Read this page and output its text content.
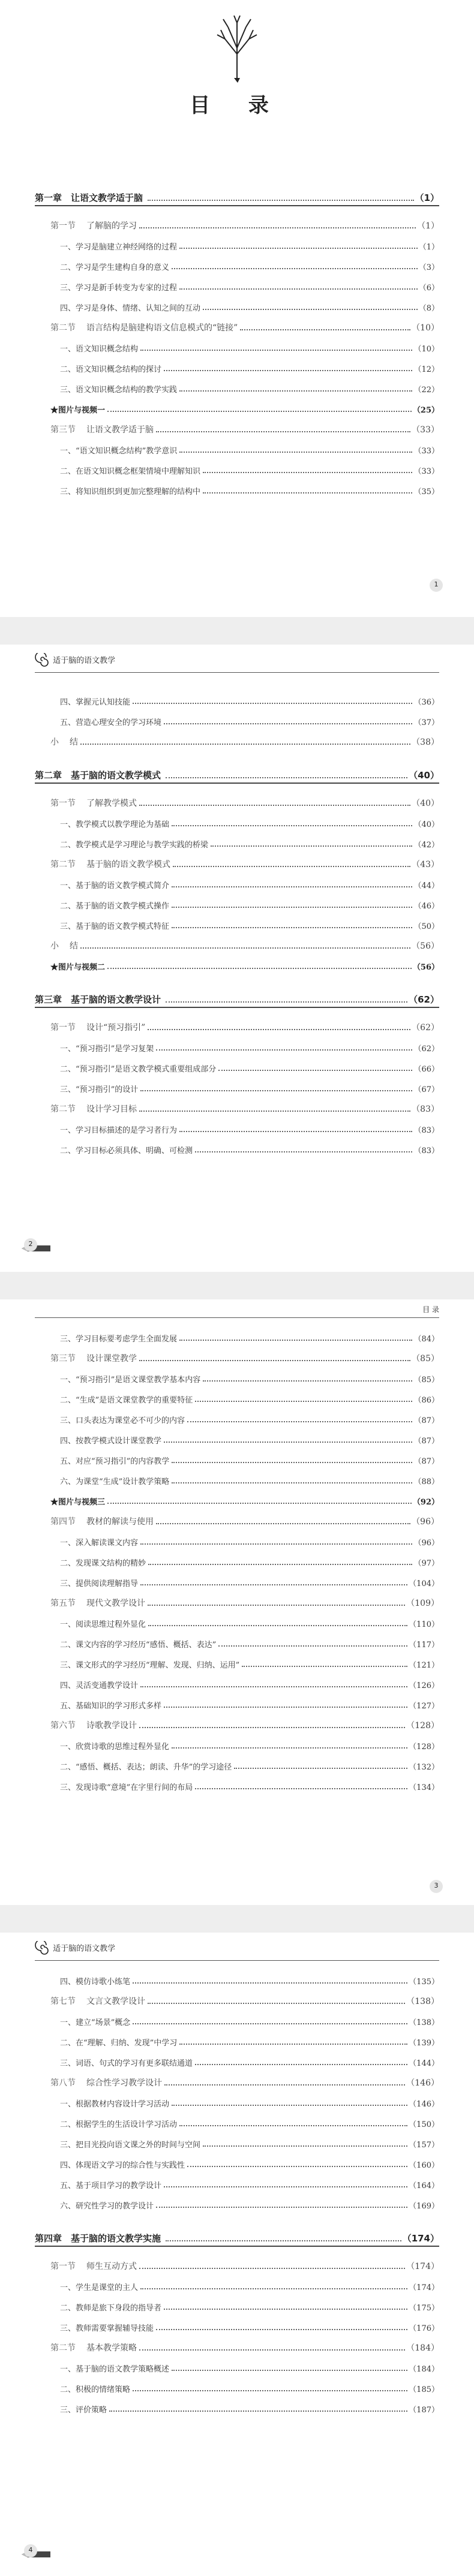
目 录
第一章　让语文教学适于脑	（1）
第一节 了解脑的学习	（1）
一、学习是脑建立神经网络的过程	（1）
二、学习是学生建构自身的意义	（3）
三、学习是新手转变为专家的过程	（6）
四、学习是身体、情绪、认知之间的互动	（8）
第二节 语言结构是脑建构语文信息模式的“链接”	（10）
一、语文知识概念结构	（10）
二、语文知识概念结构的探讨	（12）
三、语文知识概念结构的教学实践	（22）
★图片与视频一	（25）
第三节 让语文教学适于脑	（33）
一、“语文知识概念结构”教学意识	（33）
二、在语文知识概念框架情境中理解知识	（33）
三、将知识组织到更加完整理解的结构中	（35）
1
适于脑的语文教学
四、掌握元认知技能	（36）
五、营造心理安全的学习环境	（37）
小 结	（38）
第二章　基于脑的语文教学模式	（40）
第一节 了解教学模式	（40）
一、教学模式以教学理论为基础	（40）
二、教学模式是学习理论与教学实践的桥梁	（42）
第二节 基于脑的语文教学模式	（43）
一、基于脑的语文教学模式简介	（44）
二、基于脑的语文教学模式操作	（46）
三、基于脑的语文教学模式特征	（50）
小 结	（56）
★图片与视频二	（56）
第三章　基于脑的语文教学设计	（62）
第一节 设计“预习指引”	（62）
一、“预习指引”是学习复架	（62）
二、“预习指引”是语文教学模式重要组成部分	（66）
三、“预习指引”的设计	（67）
第二节 设计学习目标	（83）
一、学习目标描述的是学习者行为	（83）
二、学习目标必须具体、明确、可检测	（83）
2
目 录
三、学习目标要考虑学生全面发展	（84）
第三节 设计课堂教学	（85）
一、“预习指引”是语文课堂教学基本内容	（85）
二、“生成”是语文课堂教学的重要特征	（86）
三、口头表达为课堂必不可少的内容	（87）
四、按教学模式设计课堂教学	（87）
五、对应“预习指引”的内容教学	（87）
六、为课堂“生成”设计教学策略	（88）
★图片与视频三	（92）
第四节 教材的解读与使用	（96）
一、深入解读课文内容	（96）
二、发现课文结构的精妙	（97）
三、提供阅读理解指导	（104）
第五节 现代文教学设计	（109）
一、阅读思维过程外显化	（110）
二、课文内容的学习经历“感悟、概括、表达”	（117）
三、课文形式的学习经历“理解、发现、归纳、运用”	（121）
四、灵活变通教学设计	（126）
五、基础知识的学习形式多样	（127）
第六节 诗歌教学设计	（128）
一、欣赏诗歌的思维过程外显化	（128）
二、“感悟、概括、表达；朗读、升华”的学习途径	（132）
三、发现诗歌“意境”在字里行间的布局	（134）
3
适于脑的语文教学
四、模仿诗歌小练笔	（135）
第七节 文言文教学设计	（138）
一、建立“场景”概念	（138）
二、在“理解、归纳、发现”中学习	（139）
三、词语、句式的学习有更多联结通道	（144）
第八节 综合性学习教学设计	（146）
一、根据教材内容设计学习活动	（146）
二、根据学生的生活设计学习活动	（150）
三、把目光投向语文课之外的时间与空间	（157）
四、体现语文学习的综合性与实践性	（160）
五、基于项目学习的教学设计	（164）
六、研究性学习的教学设计	（169）
第四章　基于脑的语文教学实施	（174）
第一节 师生互动方式	（174）
一、学生是课堂的主人	（174）
二、教师是旅下身段的指导者	（175）
三、教师需要掌握辅导技能	（176）
第二节 基本教学策略	（184）
一、基于脑的语文教学策略概述	（184）
二、积极的情绪策略	（185）
三、评价策略	（187）
4
